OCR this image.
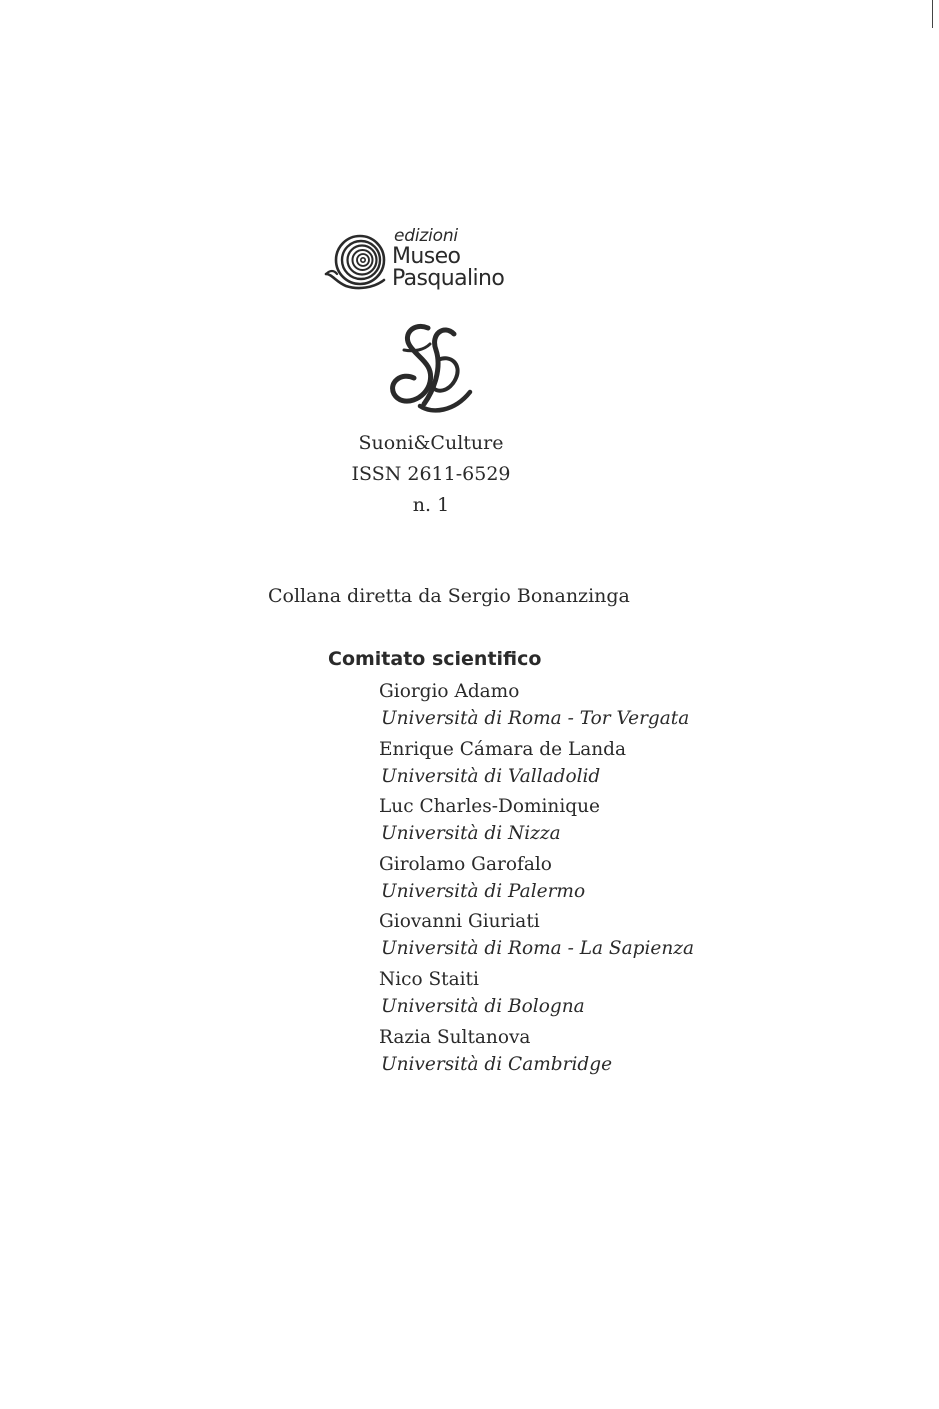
edizioni
Museo
Pasqualino
Suoni&Culture
ISSN 2611-6529
n. 1
Collana diretta da Sergio Bonanzinga
Comitato scientifico
Giorgio Adamo
Università di Roma - Tor Vergata
Enrique Cámara de Landa
Università di Valladolid
Luc Charles-Dominique
Università di Nizza
Girolamo Garofalo
Università di Palermo
Giovanni Giuriati
Università di Roma - La Sapienza
Nico Staiti
Università di Bologna
Razia Sultanova
Università di Cambridge
